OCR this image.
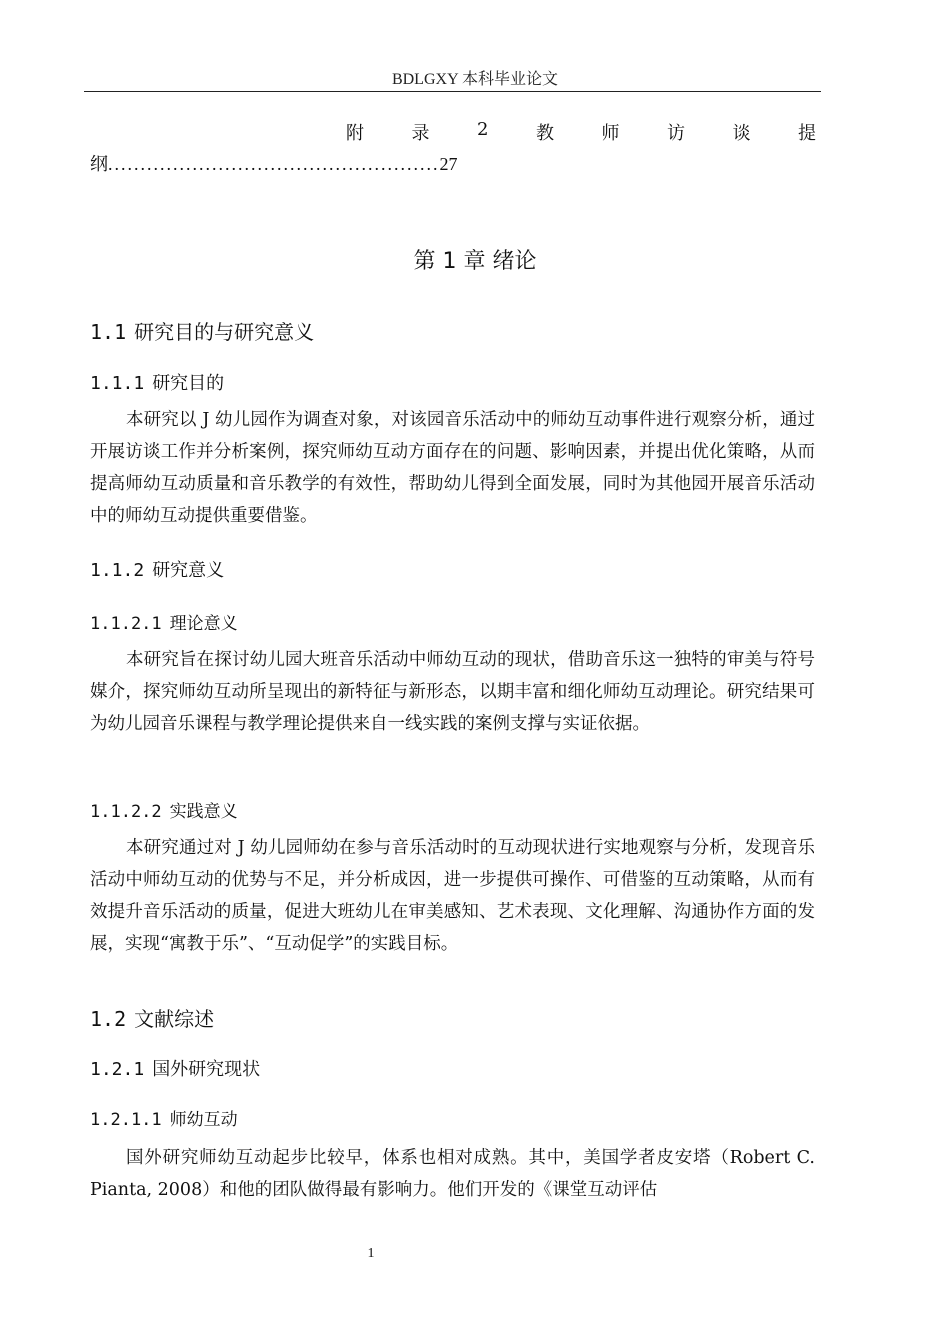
BDLGXY 本科毕业论文
附	录	2	教	师	访	谈	提
纲...................................................27
第 1 章 绪论
1.1 研究目的与研究意义
1.1.1 研究目的
本研究以 J 幼儿园作为调查对象，对该园音乐活动中的师幼互动事件进行观察分析，通过开展访谈工作并分析案例，探究师幼互动方面存在的问题、影响因素，并提出优化策略，从而提高师幼互动质量和音乐教学的有效性，帮助幼儿得到全面发展，同时为其他园开展音乐活动中的师幼互动提供重要借鉴。
1.1.2 研究意义
1.1.2.1 理论意义
本研究旨在探讨幼儿园大班音乐活动中师幼互动的现状，借助音乐这一独特的审美与符号媒介，探究师幼互动所呈现出的新特征与新形态，以期丰富和细化师幼互动理论。研究结果可为幼儿园音乐课程与教学理论提供来自一线实践的案例支撑与实证依据。
1.1.2.2 实践意义
本研究通过对 J 幼儿园师幼在参与音乐活动时的互动现状进行实地观察与分析，发现音乐活动中师幼互动的优势与不足，并分析成因，进一步提供可操作、可借鉴的互动策略，从而有效提升音乐活动的质量，促进大班幼儿在审美感知、艺术表现、文化理解、沟通协作方面的发展，实现“寓教于乐”、“互动促学”的实践目标。
1.2 文献综述
1.2.1 国外研究现状
1.2.1.1 师幼互动
国外研究师幼互动起步比较早，体系也相对成熟。其中，美国学者皮安塔（Robert C. Pianta, 2008）和他的团队做得最有影响力。他们开发的《课堂互动评估
1
